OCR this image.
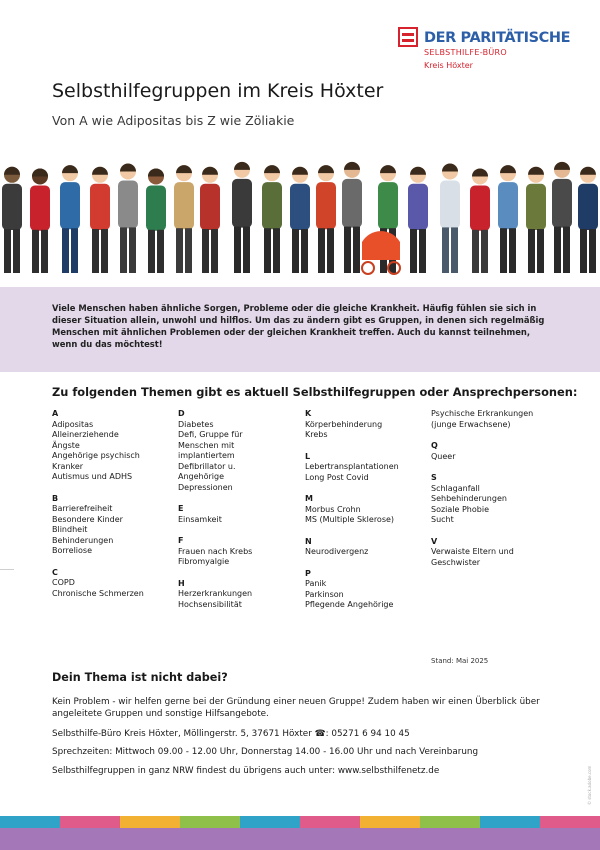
DER PARITÄTISCHE
SELBSTHILFE-BÜRO
Kreis Höxter
Selbsthilfegruppen im Kreis Höxter

Von A wie Adipositas bis Z wie Zöliakie

Viele Menschen haben ähnliche Sorgen, Probleme oder die gleiche Krankheit. Häufig fühlen sie sich in dieser Situation allein, unwohl und hilflos. Um das zu ändern gibt es Gruppen, in denen sich regelmäßig Menschen mit ähnlichen Problemen oder der gleichen Krankheit treffen. Auch du kannst teilnehmen, wenn du das möchtest!

Zu folgenden Themen gibt es aktuell Selbsthilfegruppen oder Ansprechpersonen:
A
Adipositas
Alleinerziehende
Ängste
Angehörige psychisch
Kranker
Autismus und ADHS
B
Barrierefreiheit
Besondere Kinder
Blindheit
Behinderungen
Borreliose
C
COPD
Chronische Schmerzen
D
Diabetes
Defi, Gruppe für
Menschen mit
implantiertem
Defibrillator u.
Angehörige
Depressionen
E
Einsamkeit
F
Frauen nach Krebs
Fibromyalgie
H
Herzerkrankungen
Hochsensibilität
K
Körperbehinderung
Krebs
L
Lebertransplantationen
Long Post Covid
M
Morbus Crohn
MS (Multiple Sklerose)
N
Neurodivergenz
P
Panik
Parkinson
Pflegende Angehörige
Psychische Erkrankungen
(junge Erwachsene)
Q
Queer
S
Schlaganfall
Sehbehinderungen
Soziale Phobie
Sucht
V
Verwaiste Eltern und
Geschwister
Stand: Mai 2025
Dein Thema ist nicht dabei?

Kein Problem - wir helfen gerne bei der Gründung einer neuen Gruppe! Zudem haben wir einen Überblick über angeleitete Gruppen und sonstige Hilfsangebote.

Selbsthilfe-Büro Kreis Höxter, Möllingerstr. 5, 37671 Höxter ☎: 05271 6 94 10 45

Sprechzeiten: Mittwoch 09.00 - 12.00 Uhr, Donnerstag 14.00 - 16.00 Uhr und nach Vereinbarung

Selbsthilfegruppen in ganz NRW findest du übrigens auch unter: www.selbsthilfenetz.de	© stock.adobe.com
